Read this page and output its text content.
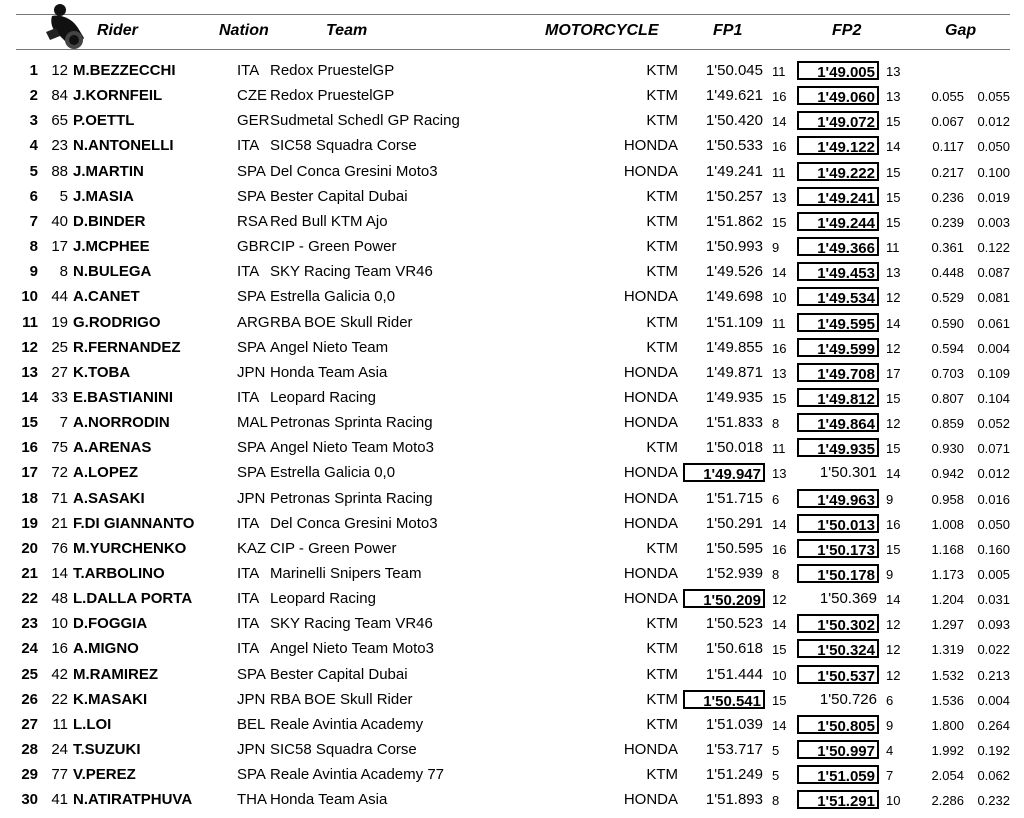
Rider	Nation	Team	MOTORCYCLE	FP1	FP2	Gap
1 12 M.BEZZECCHI	ITA Redox PruestelGP	KTM	1'50.045 11	1'49.005 13
2 84 J.KORNFEIL	CZE Redox PruestelGP	KTM	1'49.621 16	1'49.060 13	0.055 0.055
3 65 P.OETTL	GER Sudmetal Schedl GP Racing	KTM	1'50.420 14	1'49.072 15	0.067 0.012
4 23 N.ANTONELLI	ITA SIC58 Squadra Corse	HONDA	1'50.533 16	1'49.122 14	0.117 0.050
5 88 J.MARTIN	SPA Del Conca Gresini Moto3	HONDA	1'49.241 11	1'49.222 15	0.217 0.100
6	5 J.MASIA	SPA Bester Capital Dubai	KTM	1'50.257 13	1'49.241 15	0.236 0.019
7 40 D.BINDER	RSA Red Bull KTM Ajo	KTM	1'51.862 15	1'49.244 15	0.239 0.003
8 17 J.MCPHEE	GBR CIP - Green Power	KTM	1'50.993 9	1'49.366 11	0.361 0.122
9	8 N.BULEGA	ITA SKY Racing Team VR46	KTM	1'49.526 14	1'49.453 13	0.448 0.087
10 44 A.CANET	SPA Estrella Galicia 0,0	HONDA	1'49.698 10	1'49.534 12	0.529 0.081
11 19 G.RODRIGO	ARG RBA BOE Skull Rider	KTM	1'51.109 11	1'49.595 14	0.590 0.061
12 25 R.FERNANDEZ	SPA Angel Nieto Team	KTM	1'49.855 16	1'49.599 12	0.594 0.004
13 27 K.TOBA	JPN Honda Team Asia	HONDA	1'49.871 13	1'49.708 17	0.703 0.109
14 33 E.BASTIANINI	ITA Leopard Racing	HONDA	1'49.935 15	1'49.812 15	0.807 0.104
15	7 A.NORRODIN	MAL Petronas Sprinta Racing	HONDA	1'51.833 8	1'49.864 12	0.859 0.052
16 75 A.ARENAS	SPA Angel Nieto Team Moto3	KTM	1'50.018 11	1'49.935 15	0.930 0.071
17 72 A.LOPEZ	SPA Estrella Galicia 0,0	HONDA	1'49.947 13	1'50.301 14	0.942 0.012
18 71 A.SASAKI	JPN Petronas Sprinta Racing	HONDA	1'51.715 6	1'49.963 9	0.958 0.016
19 21 F.DI GIANNANTO	ITA Del Conca Gresini Moto3	HONDA	1'50.291 14	1'50.013 16	1.008 0.050
20 76 M.YURCHENKO	KAZ CIP - Green Power	KTM	1'50.595 16	1'50.173 15	1.168 0.160
21 14 T.ARBOLINO	ITA Marinelli Snipers Team	HONDA	1'52.939 8	1'50.178 9	1.173 0.005
22 48 L.DALLA PORTA	ITA Leopard Racing	HONDA	1'50.209 12	1'50.369 14	1.204 0.031
23 10 D.FOGGIA	ITA SKY Racing Team VR46	KTM	1'50.523 14	1'50.302 12	1.297 0.093
24 16 A.MIGNO	ITA Angel Nieto Team Moto3	KTM	1'50.618 15	1'50.324 12	1.319 0.022
25 42 M.RAMIREZ	SPA Bester Capital Dubai	KTM	1'51.444 10	1'50.537 12	1.532 0.213
26 22 K.MASAKI	JPN RBA BOE Skull Rider	KTM	1'50.541 15	1'50.726 6	1.536 0.004
27 11 L.LOI	BEL Reale Avintia Academy	KTM	1'51.039 14	1'50.805 9	1.800 0.264
28 24 T.SUZUKI	JPN SIC58 Squadra Corse	HONDA	1'53.717 5	1'50.997 4	1.992 0.192
29 77 V.PEREZ	SPA Reale Avintia Academy 77	KTM	1'51.249 5	1'51.059 7	2.054 0.062
30 41 N.ATIRATPHUVA	THA Honda Team Asia	HONDA	1'51.893 8	1'51.291 10	2.286 0.232
